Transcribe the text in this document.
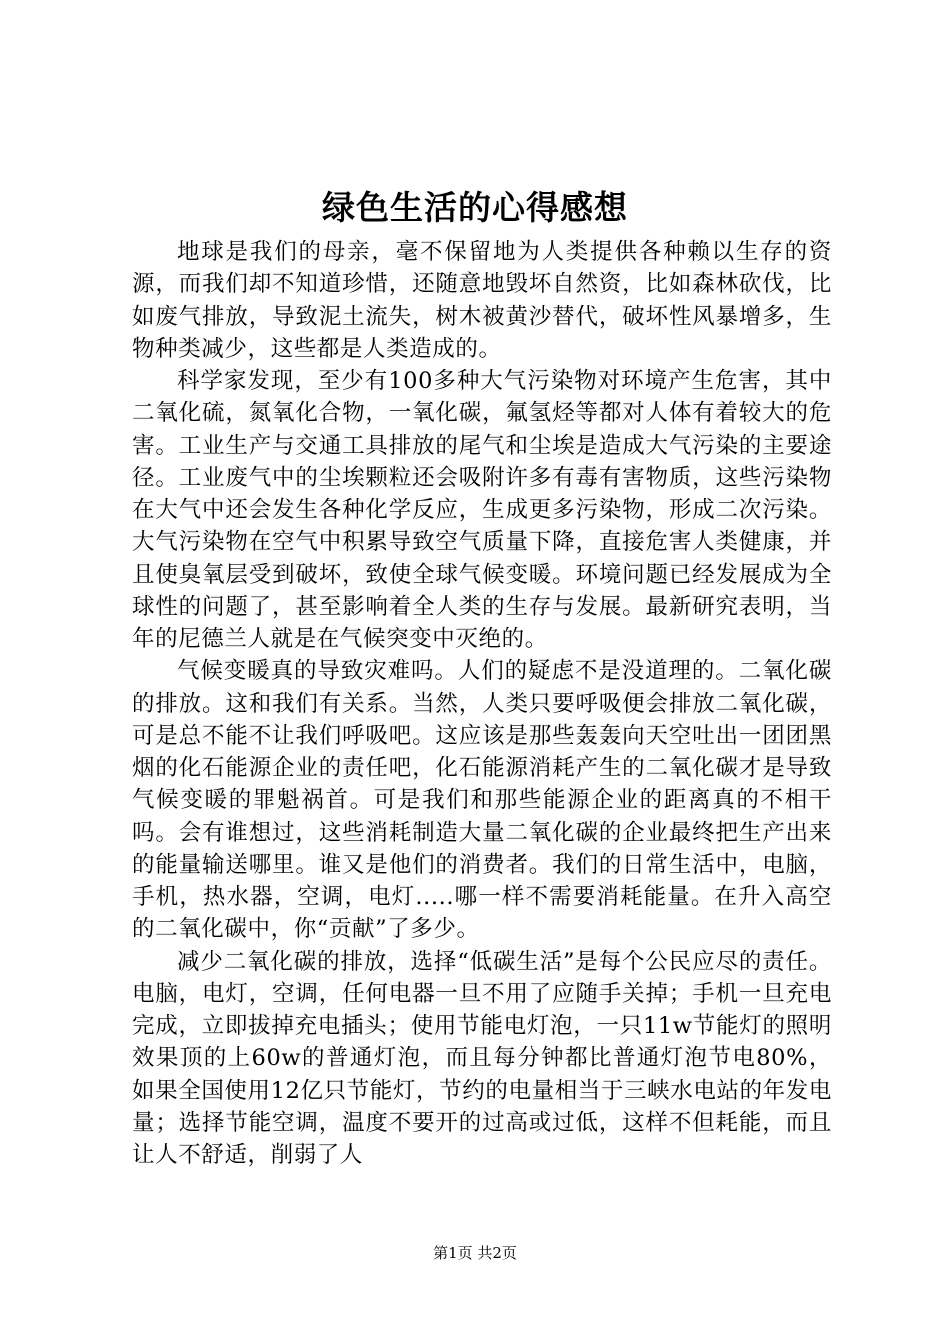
绿色生活的心得感想

地球是我们的母亲，毫不保留地为人类提供各种赖以生存的资源，而我们却不知道珍惜，还随意地毁坏自然资，比如森林砍伐，比如废气排放，导致泥土流失，树木被黄沙替代，破坏性风暴增多，生物种类减少，这些都是人类造成的。

科学家发现，至少有100多种大气污染物对环境产生危害，其中二氧化硫，氮氧化合物，一氧化碳，氟氢烃等都对人体有着较大的危害。工业生产与交通工具排放的尾气和尘埃是造成大气污染的主要途径。工业废气中的尘埃颗粒还会吸附许多有毒有害物质，这些污染物在大气中还会发生各种化学反应，生成更多污染物，形成二次污染。大气污染物在空气中积累导致空气质量下降，直接危害人类健康，并且使臭氧层受到破坏，致使全球气候变暖。环境问题已经发展成为全球性的问题了，甚至影响着全人类的生存与发展。最新研究表明，当年的尼德兰人就是在气候突变中灭绝的。

气候变暖真的导致灾难吗。人们的疑虑不是没道理的。二氧化碳的排放。这和我们有关系。当然，人类只要呼吸便会排放二氧化碳，可是总不能不让我们呼吸吧。这应该是那些轰轰向天空吐出一团团黑烟的化石能源企业的责任吧，化石能源消耗产生的二氧化碳才是导致气候变暖的罪魁祸首。可是我们和那些能源企业的距离真的不相干吗。会有谁想过，这些消耗制造大量二氧化碳的企业最终把生产出来的能量输送哪里。谁又是他们的消费者。我们的日常生活中，电脑，手机，热水器，空调，电灯.....哪一样不需要消耗能量。在升入高空的二氧化碳中，你“贡献”了多少。

减少二氧化碳的排放，选择“低碳生活”是每个公民应尽的责任。电脑，电灯，空调，任何电器一旦不用了应随手关掉；手机一旦充电完成，立即拔掉充电插头；使用节能电灯泡，一只11w节能灯的照明效果顶的上60w的普通灯泡，而且每分钟都比普通灯泡节电80%，如果全国使用12亿只节能灯，节约的电量相当于三峡水电站的年发电量；选择节能空调，温度不要开的过高或过低，这样不但耗能，而且让人不舒适，削弱了人

第1页 共2页
